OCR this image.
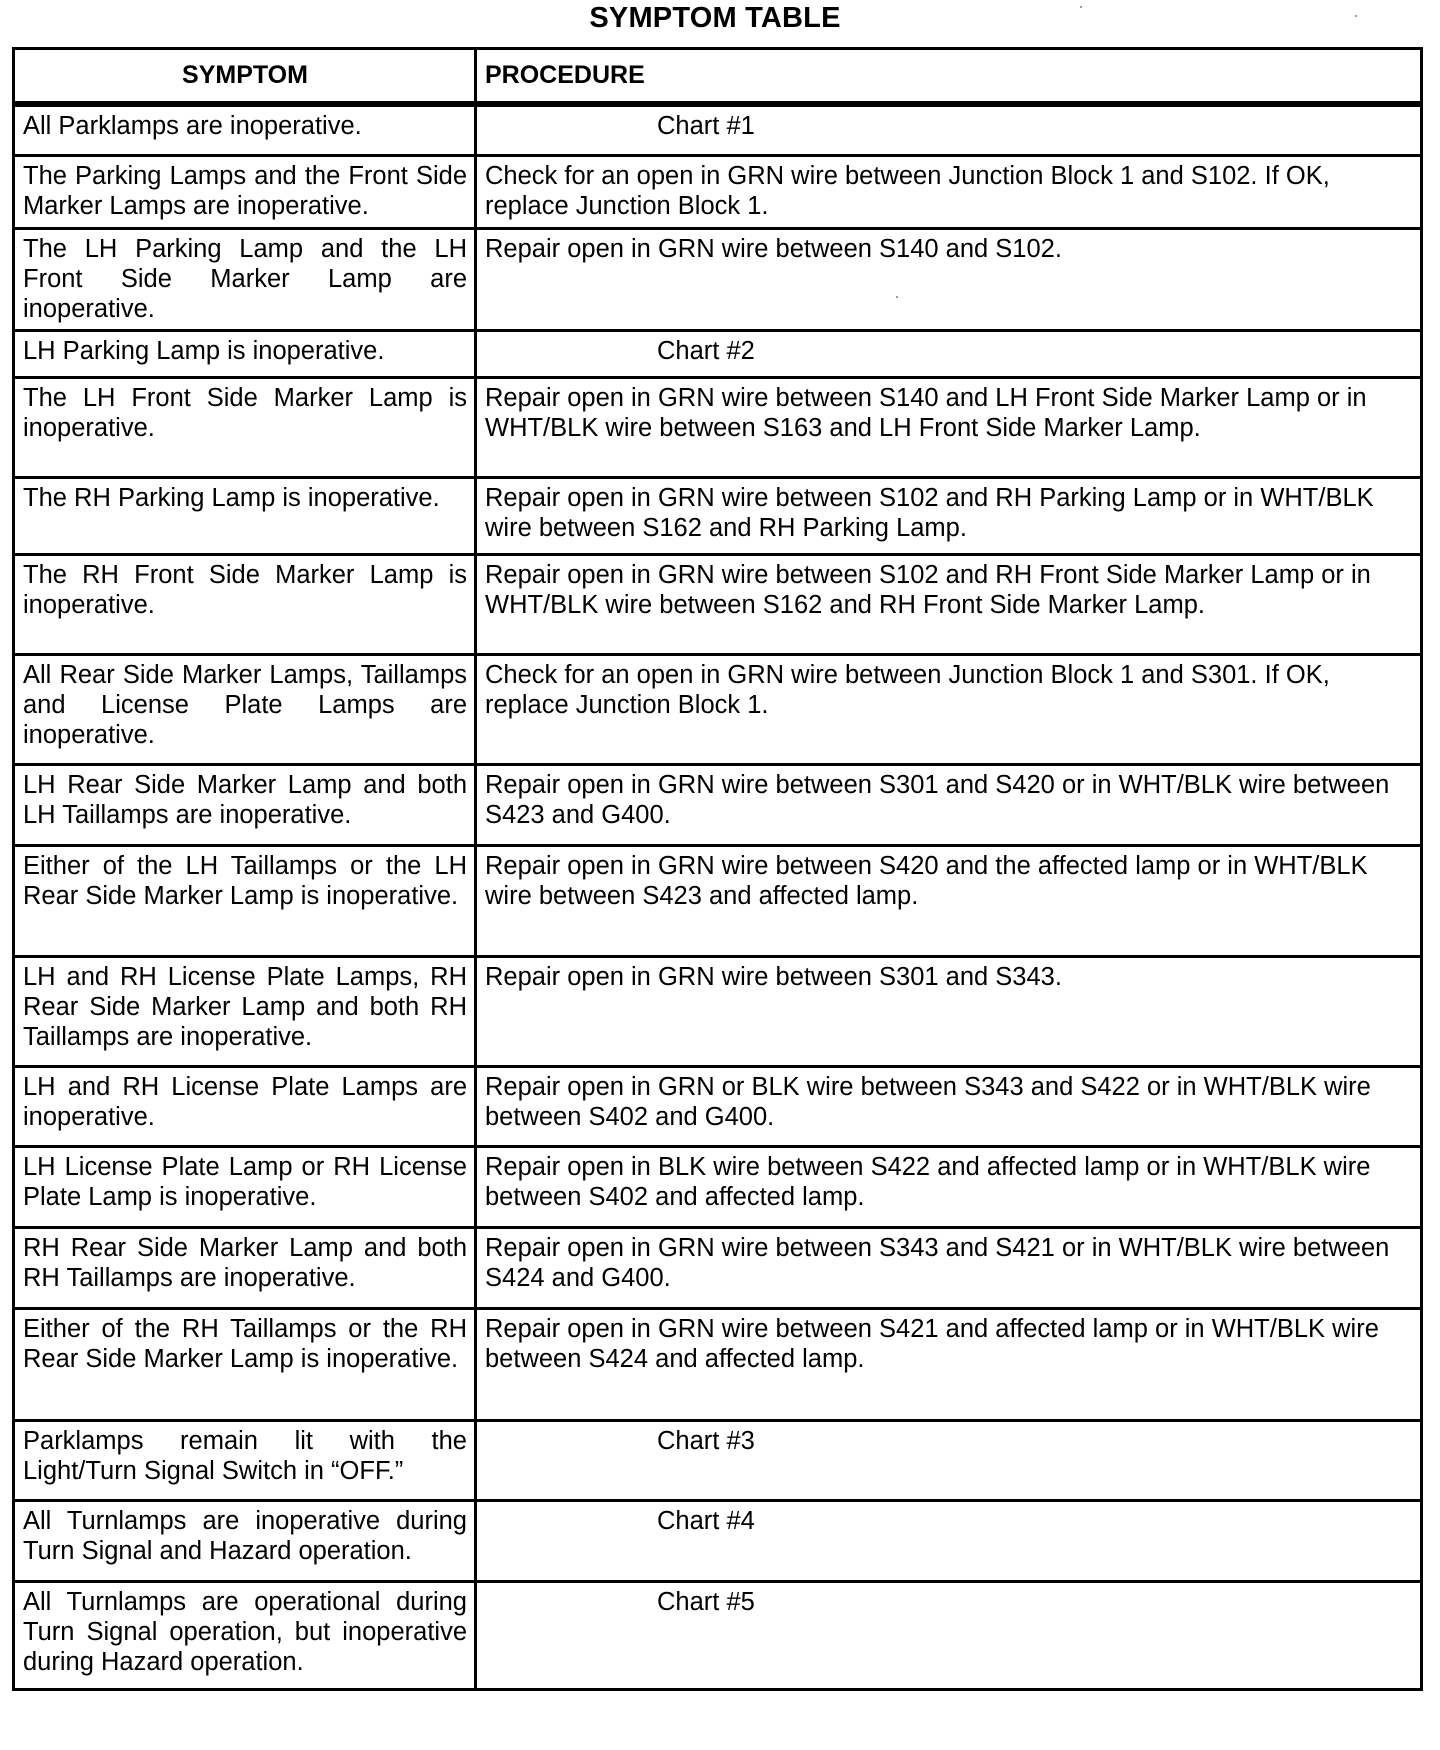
SYMPTOM TABLE
SYMPTOM	PROCEDURE
All Parklamps are inoperative.	Chart #1
The Parking Lamps and the Front Side Marker Lamps are inoperative.	Check for an open in GRN wire between Junction Block 1 and S102. If OK, replace Junction Block 1.
The LH Parking Lamp and the LH Front Side Marker Lamp are inoperative.	Repair open in GRN wire between S140 and S102.
LH Parking Lamp is inoperative.	Chart #2
The LH Front Side Marker Lamp is inoperative.	Repair open in GRN wire between S140 and LH Front Side Marker Lamp or in WHT/BLK wire between S163 and LH Front Side Marker Lamp.
The RH Parking Lamp is inoperative.	Repair open in GRN wire between S102 and RH Parking Lamp or in WHT/BLK wire between S162 and RH Parking Lamp.
The RH Front Side Marker Lamp is inoperative.	Repair open in GRN wire between S102 and RH Front Side Marker Lamp or in WHT/BLK wire between S162 and RH Front Side Marker Lamp.
All Rear Side Marker Lamps, Taillamps and License Plate Lamps are inoperative.	Check for an open in GRN wire between Junction Block 1 and S301. If OK, replace Junction Block 1.
LH Rear Side Marker Lamp and both LH Taillamps are inoperative.	Repair open in GRN wire between S301 and S420 or in WHT/BLK wire between S423 and G400.
Either of the LH Taillamps or the LH Rear Side Marker Lamp is inoperative.	Repair open in GRN wire between S420 and the affected lamp or in WHT/BLK wire between S423 and affected lamp.
LH and RH License Plate Lamps, RH Rear Side Marker Lamp and both RH Taillamps are inoperative.	Repair open in GRN wire between S301 and S343.
LH and RH License Plate Lamps are inoperative.	Repair open in GRN or BLK wire between S343 and S422 or in WHT/BLK wire between S402 and G400.
LH License Plate Lamp or RH License Plate Lamp is inoperative.	Repair open in BLK wire between S422 and affected lamp or in WHT/BLK wire between S402 and affected lamp.
RH Rear Side Marker Lamp and both RH Taillamps are inoperative.	Repair open in GRN wire between S343 and S421 or in WHT/BLK wire between S424 and G400.
Either of the RH Taillamps or the RH Rear Side Marker Lamp is inoperative.	Repair open in GRN wire between S421 and affected lamp or in WHT/BLK wire between S424 and affected lamp.
Parklamps remain lit with the Light/Turn Signal Switch in “OFF.”	Chart #3
All Turnlamps are inoperative during Turn Signal and Hazard operation.	Chart #4
All Turnlamps are operational during Turn Signal operation, but inoperative during Hazard operation.	Chart #5
